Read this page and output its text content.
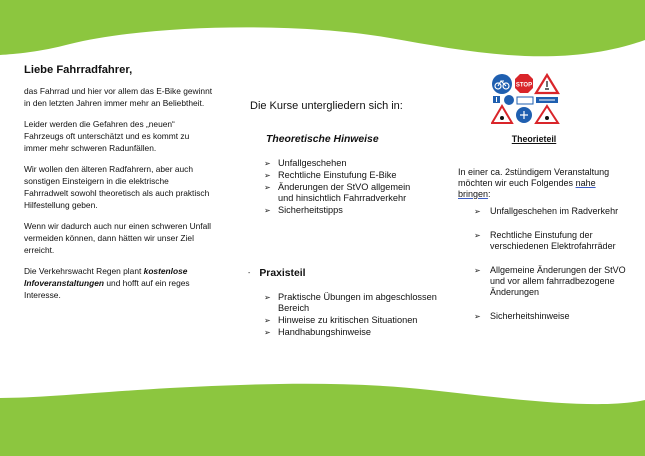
Liebe Fahrradfahrer,

das Fahrrad und hier vor allem das E-Bike gewinnt in den letzten Jahren immer mehr an Beliebtheit.

Leider werden die Gefahren des „neuen“ Fahrzeugs oft unterschätzt und es kommt zu immer mehr schweren Radunfällen.

Wir wollen den älteren Radfahrern, aber auch sonstigen Einsteigern in die elektrische Fahrradwelt sowohl theoretisch als auch praktisch Hilfestellung geben.

Wenn wir dadurch auch nur einen schweren Unfall vermeiden können, dann hätten wir unser Ziel erreicht.

Die Verkehrswacht Regen plant kostenlose Infoveranstaltungen und hofft auf ein reges Interesse.

Die Kurse untergliedern sich in:
Theoretische Hinweise
➢ Unfallgeschehen
➢ Rechtliche Einstufung E-Bike
➢ Änderungen der StVO allgemein und hinsichtlich Fahrradverkehr
➢ Sicherheitstipps
- Praxisteil
➢ Praktische Übungen im abgeschlossen Bereich
➢ Hinweise zu kritischen Situationen
➢ Handhabungshinweise
STOP
Theorieteil
In einer ca. 2stündigem Veranstaltung möchten wir euch Folgendes nahe bringen:
➢ Unfallgeschehen im Radverkehr
➢ Rechtliche Einstufung der verschiedenen Elektrofahrräder
➢ Allgemeine Änderungen der StVO und vor allem fahrradbezogene Änderungen
➢ Sicherheitshinweise
